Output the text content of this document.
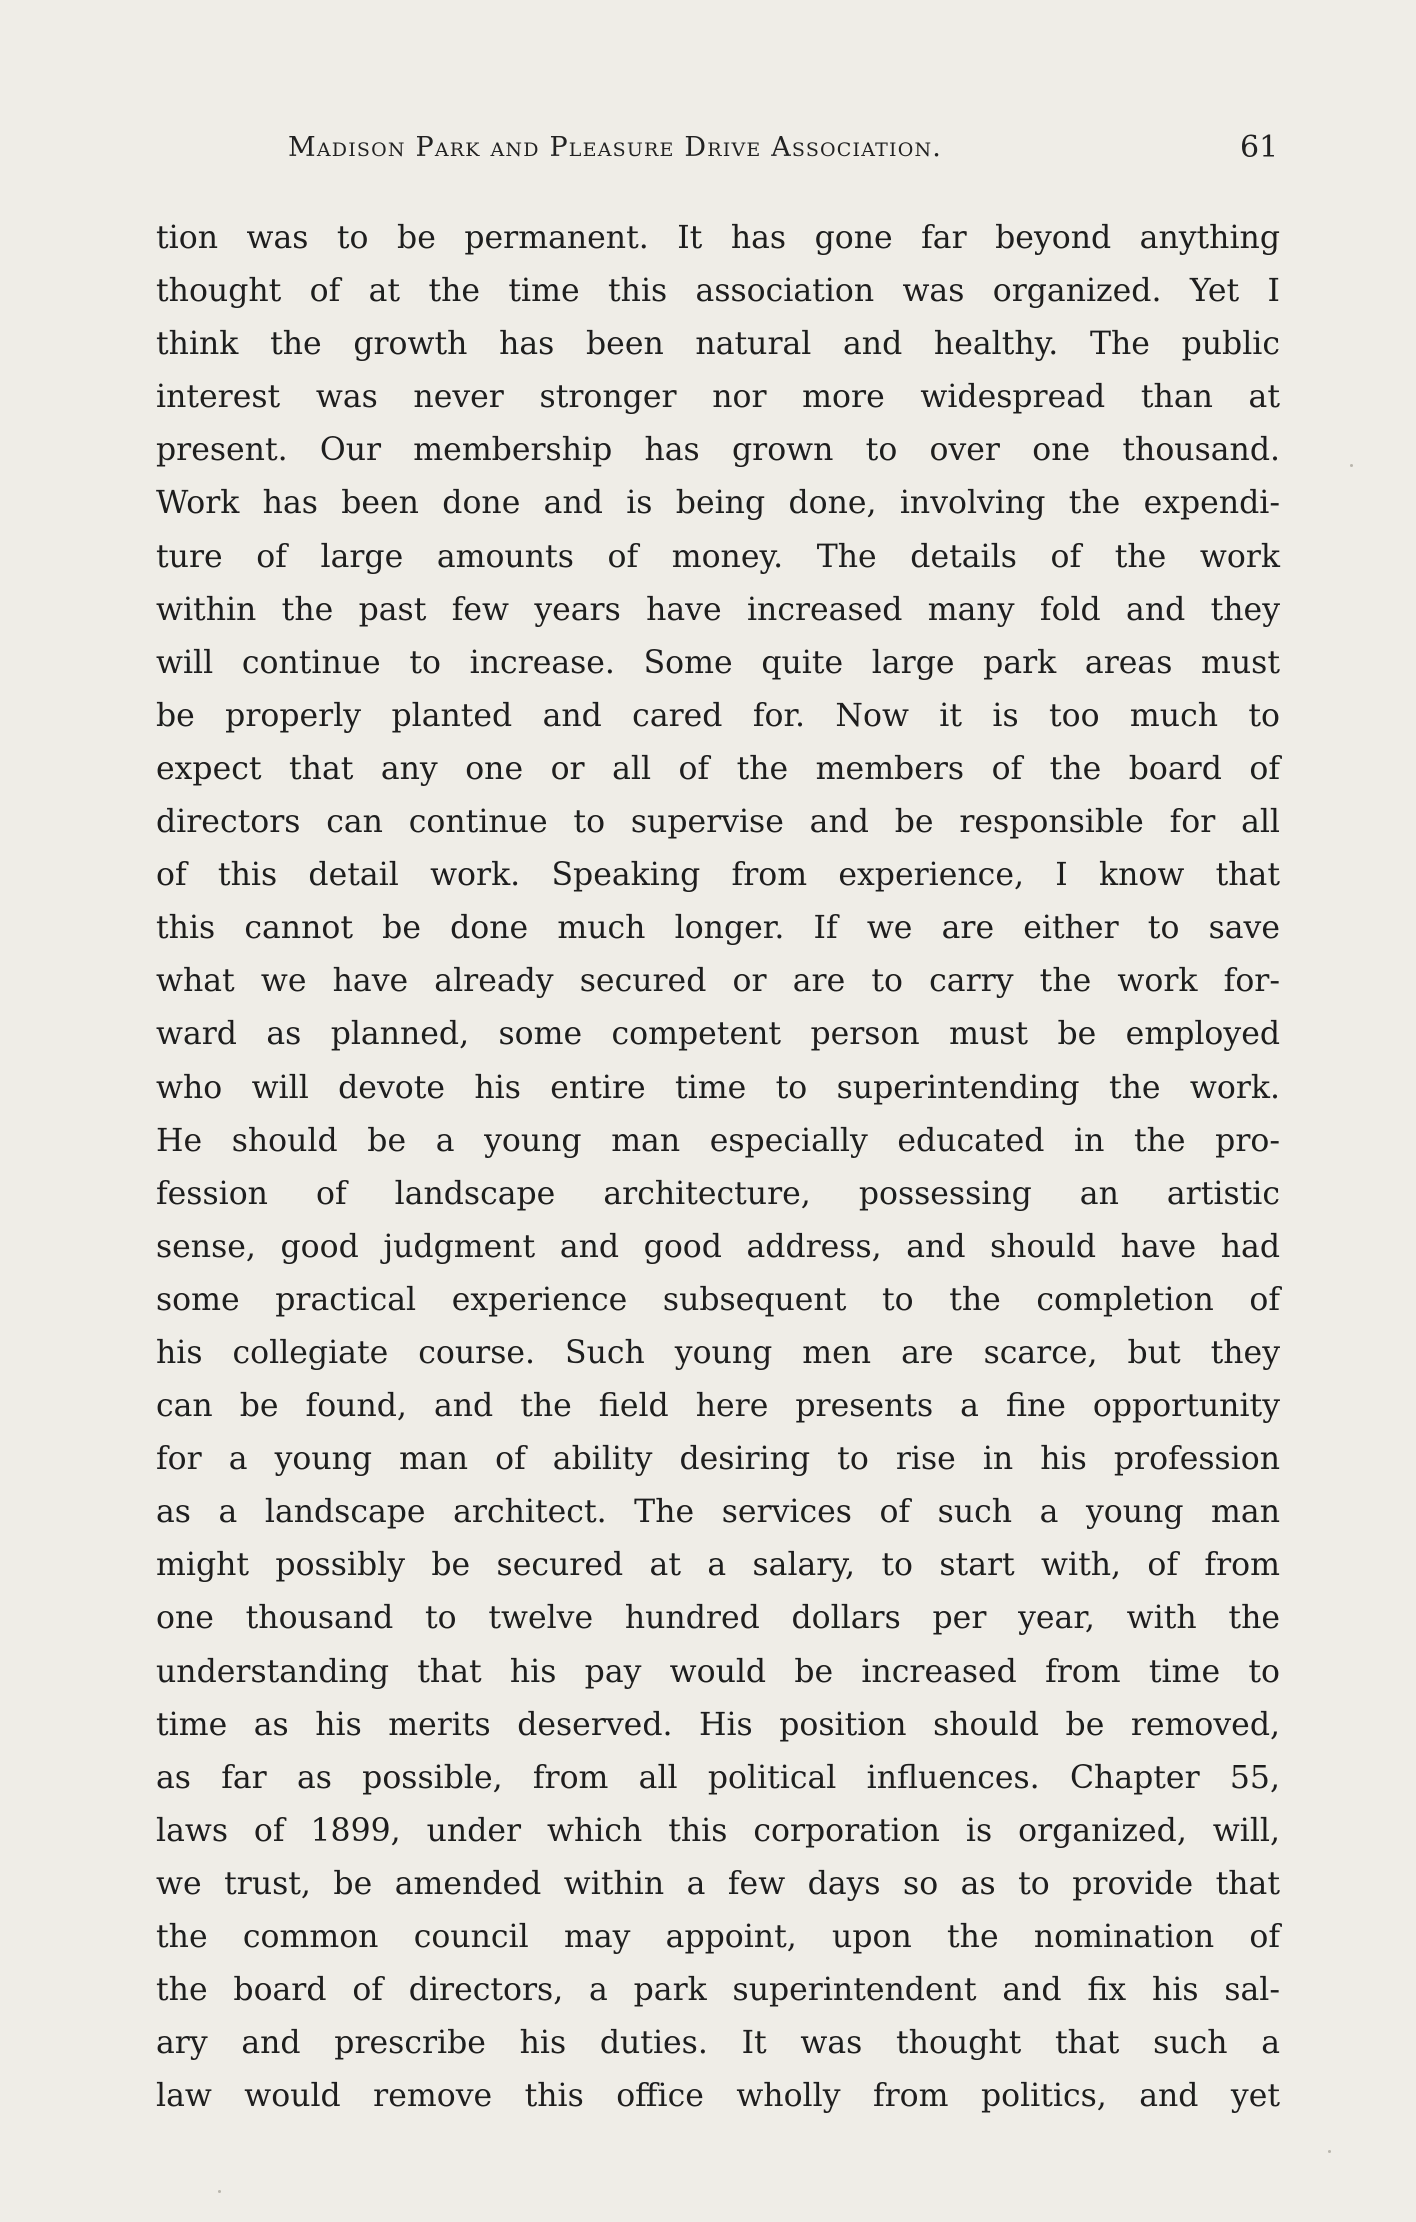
Madison Park and Pleasure Drive Association.	61
tion was to be permanent. It has gone far beyond anything
thought of at the time this association was organized. Yet I
think the growth has been natural and healthy. The public
interest was never stronger nor more widespread than at
present. Our membership has grown to over one thousand.
Work has been done and is being done, involving the expendi-
ture of large amounts of money. The details of the work
within the past few years have increased many fold and they
will continue to increase. Some quite large park areas must
be properly planted and cared for. Now it is too much to
expect that any one or all of the members of the board of
directors can continue to supervise and be responsible for all
of this detail work. Speaking from experience, I know that
this cannot be done much longer. If we are either to save
what we have already secured or are to carry the work for-
ward as planned, some competent person must be employed
who will devote his entire time to superintending the work.
He should be a young man especially educated in the pro-
fession of landscape architecture, possessing an artistic
sense, good judgment and good address, and should have had
some practical experience subsequent to the completion of
his collegiate course. Such young men are scarce, but they
can be found, and the field here presents a fine opportunity
for a young man of ability desiring to rise in his profession
as a landscape architect. The services of such a young man
might possibly be secured at a salary, to start with, of from
one thousand to twelve hundred dollars per year, with the
understanding that his pay would be increased from time to
time as his merits deserved. His position should be removed,
as far as possible, from all political influences. Chapter 55,
laws of 1899, under which this corporation is organized, will,
we trust, be amended within a few days so as to provide that
the common council may appoint, upon the nomination of
the board of directors, a park superintendent and fix his sal-
ary and prescribe his duties. It was thought that such a
law would remove this office wholly from politics, and yet
